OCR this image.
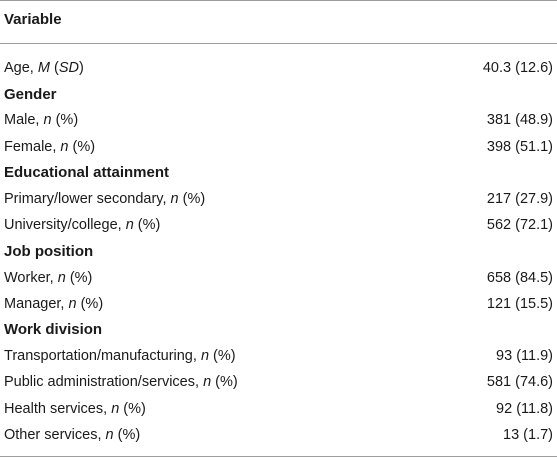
Variable
Age, M (SD)	40.3 (12.6)
Gender
Male, n (%)	381 (48.9)
Female, n (%)	398 (51.1)
Educational attainment
Primary/lower secondary, n (%)	217 (27.9)
University/college, n (%)	562 (72.1)
Job position
Worker, n (%)	658 (84.5)
Manager, n (%)	121 (15.5)
Work division
Transportation/manufacturing, n (%)	93 (11.9)
Public administration/services, n (%)	581 (74.6)
Health services, n (%)	92 (11.8)
Other services, n (%)	13 (1.7)
